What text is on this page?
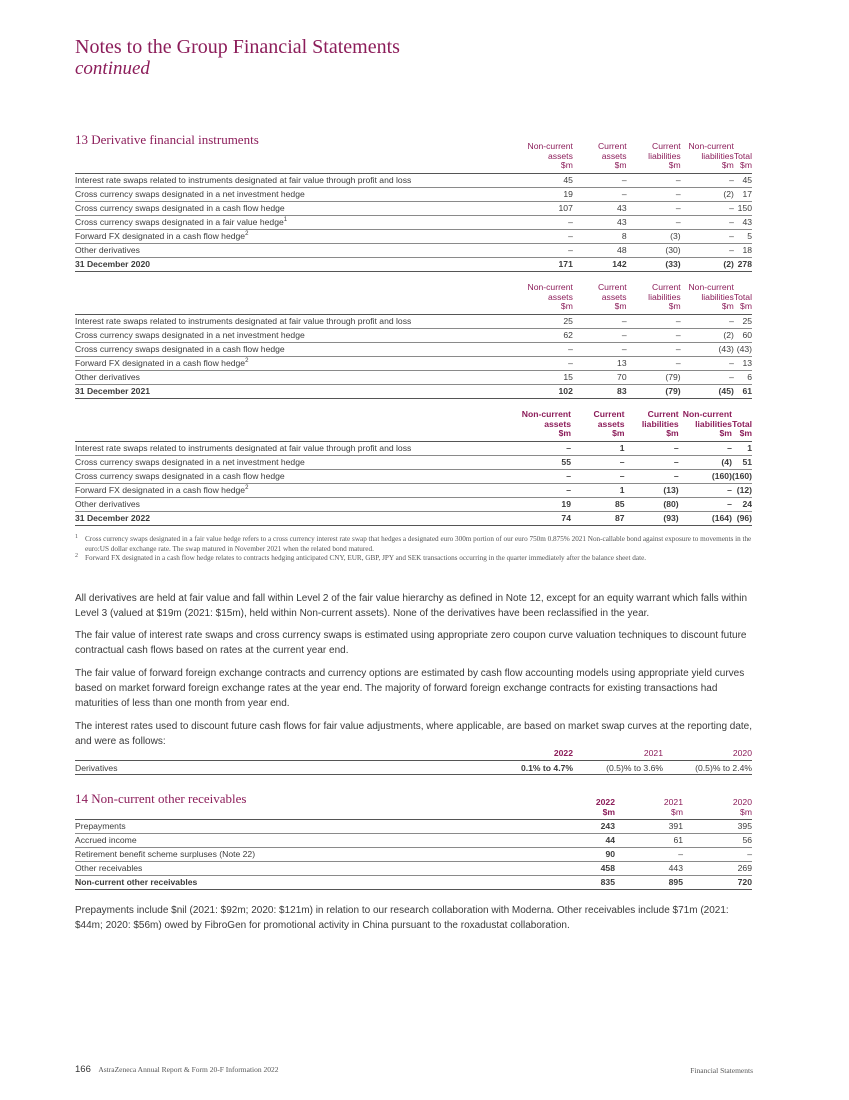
Notes to the Group Financial Statements
continued
13 Derivative financial instruments
		Non-current
assets
$m	Current
assets
$m	Current
liabilities
$m	Non-current
liabilities
$m	Total
$m
Interest rate swaps related to instruments designated at fair value through profit and loss	45	–	–	–	45
Cross currency swaps designated in a net investment hedge	19	–	–	(2)	17
Cross currency swaps designated in a cash flow hedge	107	43	–	–	150
Cross currency swaps designated in a fair value hedge$^1$	–	43	–	–	43
Forward FX designated in a cash flow hedge$^2$	–	8	(3)	–	5
Other derivatives	–	48	(30)	–	18
31 December 2020	171	142	(33)	(2)	278
	Non-current
assets
$m	Current
assets
$m	Current
liabilities
$m	Non-current
liabilities
$m	Total
$m
Interest rate swaps related to instruments designated at fair value through profit and loss	25	–	–	–	25
Cross currency swaps designated in a net investment hedge	62	–	–	(2)	60
Cross currency swaps designated in a cash flow hedge	–	–	–	(43)	(43)
Forward FX designated in a cash flow hedge$^2$	–	13	–	–	13
Other derivatives	15	70	(79)	–	6
31 December 2021	102	83	(79)	(45)	61
	Non-current
assets
$m	Current
assets
$m	Current
liabilities
$m	Non-current
liabilities
$m	Total
$m
Interest rate swaps related to instruments designated at fair value through profit and loss	–	1	–	–	1
Cross currency swaps designated in a net investment hedge	55	–	–	(4)	51
Cross currency swaps designated in a cash flow hedge	–	–	–	(160)	(160)
Forward FX designated in a cash flow hedge$^2$	–	1	(13)	–	(12)
Other derivatives	19	85	(80)	–	24
31 December 2022	74	87	(93)	(164)	(96)
1 Cross currency swaps designated in a fair value hedge refers to a cross currency interest rate swap that hedges a designated euro 300m portion of our euro 750m 0.875% 2021 Non-callable bond against exposure to movements in the euro:US dollar exchange rate. The swap matured in November 2021 when the related bond matured.
2 Forward FX designated in a cash flow hedge relates to contracts hedging anticipated CNY, EUR, GBP, JPY and SEK transactions occurring in the quarter immediately after the balance sheet date.

All derivatives are held at fair value and fall within Level 2 of the fair value hierarchy as defined in Note 12, except for an equity warrant which falls within Level 3 (valued at $19m (2021: $15m), held within Non-current assets). None of the derivatives have been reclassified in the year.

The fair value of interest rate swaps and cross currency swaps is estimated using appropriate zero coupon curve valuation techniques to discount future contractual cash flows based on rates at the current year end.

The fair value of forward foreign exchange contracts and currency options are estimated by cash flow accounting models using appropriate yield curves based on market forward foreign exchange rates at the year end. The majority of forward foreign exchange contracts for existing transactions had maturities of less than one month from year end.

The interest rates used to discount future cash flows for fair value adjustments, where applicable, are based on market swap curves at the reporting date, and were as follows:

	2022	2021	2020
Derivatives	0.1% to 4.7%	(0.5)% to 3.6%	(0.5)% to 2.4%
14 Non-current other receivables
		2022
$m	2021
$m	2020
$m
Prepayments	243	391	395
Accrued income	44	61	56
Retirement benefit scheme surpluses (Note 22)	90	–	–
Other receivables	458	443	269
Non-current other receivables	835	895	720

Prepayments include $nil (2021: $92m; 2020: $121m) in relation to our research collaboration with Moderna. Other receivables include $71m (2021: $44m; 2020: $56m) owed by FibroGen for promotional activity in China pursuant to the roxadustat collaboration.

166 AstraZeneca Annual Report & Form 20-F Information 2022	Financial Statements
